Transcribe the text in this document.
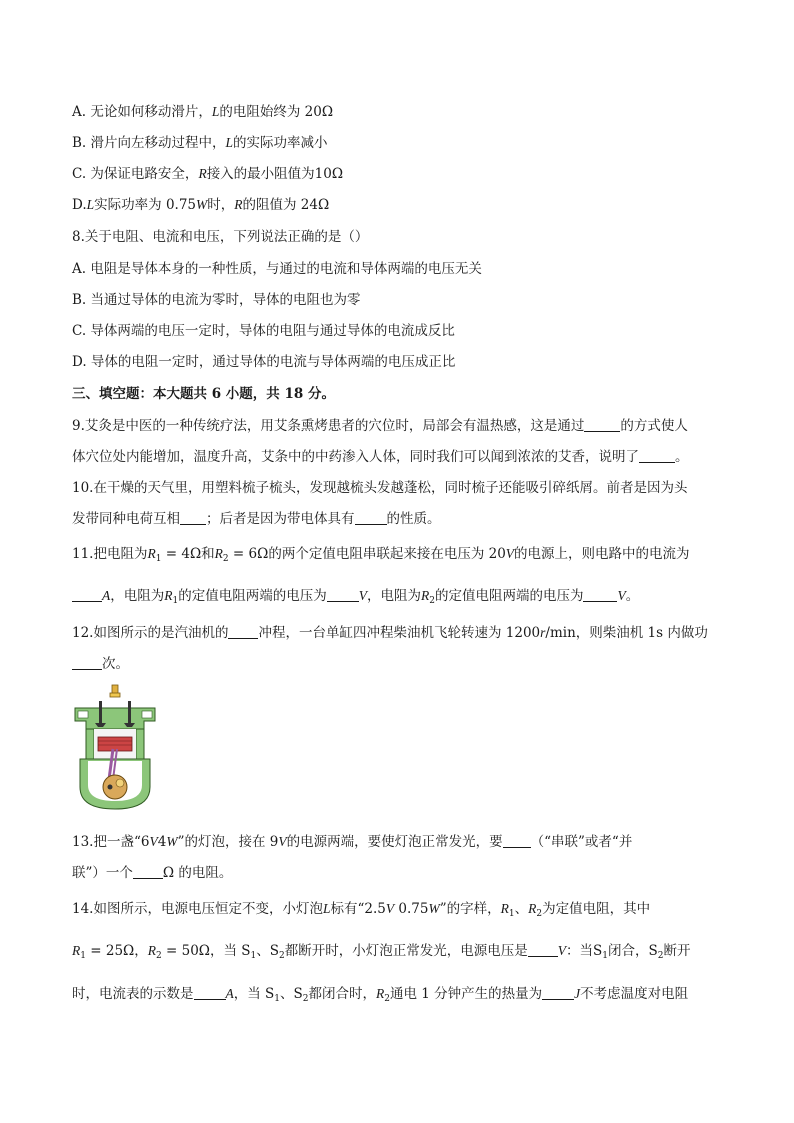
A. 无论如何移动滑片，L的电阻始终为 20Ω
B. 滑片向左移动过程中，L的实际功率减小
C. 为保证电路安全，R接入的最小阻值为10Ω
D.L实际功率为 0.75W时，R的阻值为 24Ω
8.关于电阻、电流和电压，下列说法正确的是（）
A. 电阻是导体本身的一种性质，与通过的电流和导体两端的电压无关
B. 当通过导体的电流为零时，导体的电阻也为零
C. 导体两端的电压一定时，导体的电阻与通过导体的电流成反比
D. 导体的电阻一定时，通过导体的电流与导体两端的电压成正比
三、填空题：本大题共 6 小题，共 18 分。
9.艾灸是中医的一种传统疗法，用艾条熏烤患者的穴位时，局部会有温热感，这是通过	的方式使人
体穴位处内能增加，温度升高，艾条中的中药渗入人体，同时我们可以闻到浓浓的艾香，说明了	。
10.在干燥的天气里，用塑料梳子梳头，发现越梳头发越蓬松，同时梳子还能吸引碎纸屑。前者是因为头
发带同种电荷互相 ；后者是因为带电体具有 的性质。
11.把电阻为$R_1 = 4\Omega$和$R_2 = 6\Omega$的两个定值电阻串联起来接在电压为 20V的电源上，则电路中的电流为
A，电阻为$R_1$的定值电阻两端的电压为 V，电阻为$R_2$的定值电阻两端的电压为	V。
12.如图所示的是汽油机的 冲程，一台单缸四冲程柴油机飞轮转速为 1200r/min，则柴油机 1s 内做功
次。
13.把一盏“6V4W”的灯泡，接在 9V的电源两端，要使灯泡正常发光，要 （“串联”或者“并
联”）一个 Ω 的电阻。
14.如图所示，电源电压恒定不变，小灯泡L标有“2.5V 0.75W”的字样，$R_1$、$R_2$为定值电阻，其中
$R_1 = 25\Omega$，$R_2 = 50\Omega$，当 $S_1$、$S_2$都断开时，小灯泡正常发光，电源电压是 V：当$S_1$闭合，$S_2$断开
时，电流表的示数是 A，当 $S_1$、$S_2$都闭合时，$R_2$通电 1 分钟产生的热量为 J不考虑温度对电阻
